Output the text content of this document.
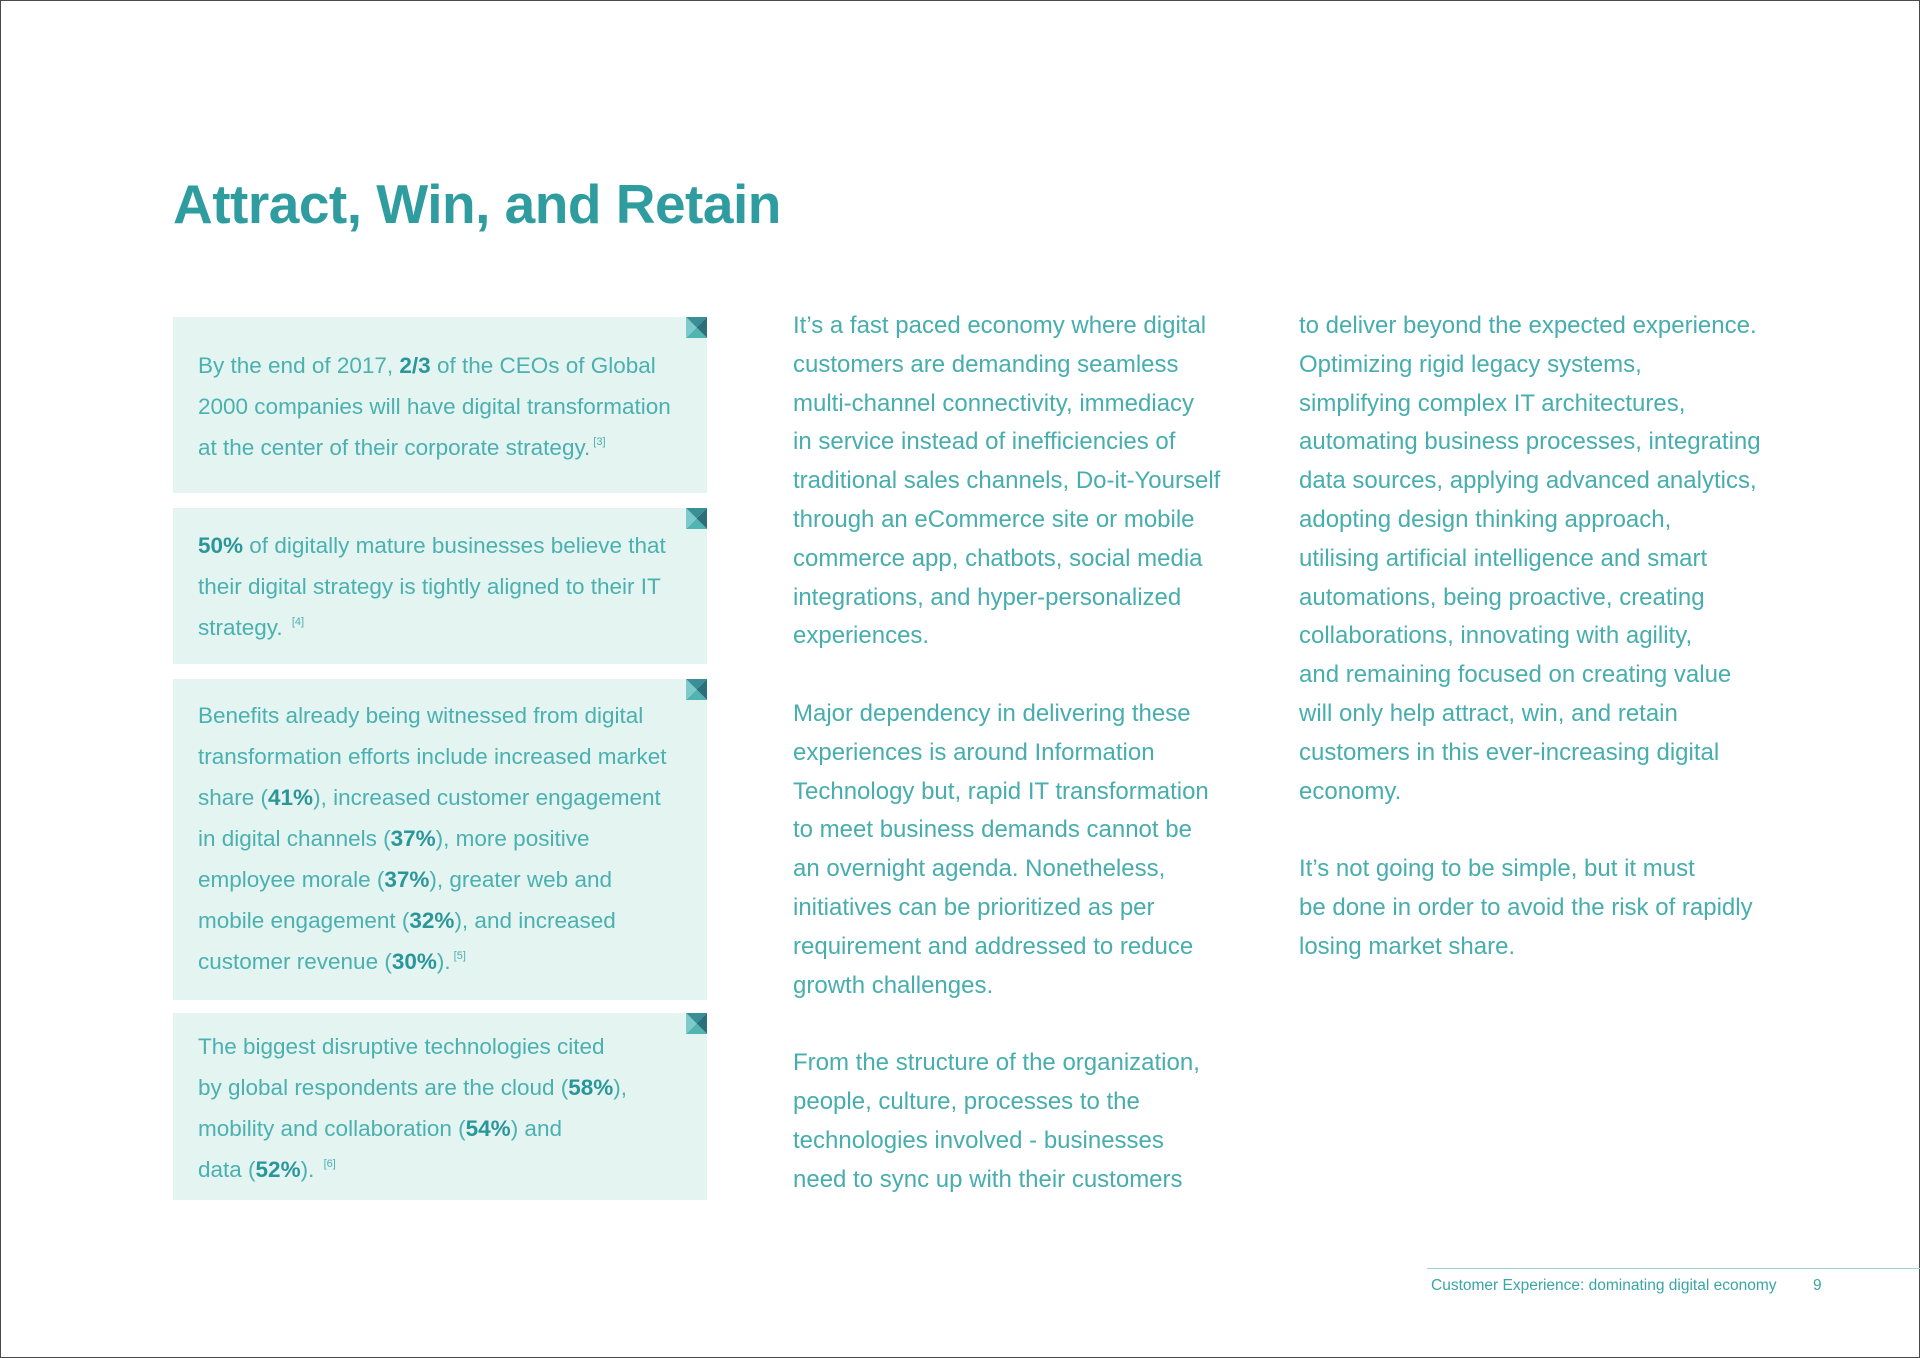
Attract, Win, and Retain

By the end of 2017, 2/3 of the CEOs of Global

2000 companies will have digital transformation

at the center of their corporate strategy. [3]

50% of digitally mature businesses believe that

their digital strategy is tightly aligned to their IT

strategy. [4]

Benefits already being witnessed from digital

transformation efforts include increased market

share (41%), increased customer engagement

in digital channels (37%), more positive

employee morale (37%), greater web and

mobile engagement (32%), and increased

customer revenue (30%). [5]

The biggest disruptive technologies cited

by global respondents are the cloud (58%),

mobility and collaboration (54%) and

data (52%). [6]

It’s a fast paced economy where digital

customers are demanding seamless

multi-channel connectivity, immediacy

in service instead of inefficiencies of

traditional sales channels, Do-it-Yourself

through an eCommerce site or mobile

commerce app, chatbots, social media

integrations, and hyper-personalized

experiences.

Major dependency in delivering these

experiences is around Information

Technology but, rapid IT transformation

to meet business demands cannot be

an overnight agenda. Nonetheless,

initiatives can be prioritized as per

requirement and addressed to reduce

growth challenges.

From the structure of the organization,

people, culture, processes to the

technologies involved - businesses

need to sync up with their customers

to deliver beyond the expected experience.

Optimizing rigid legacy systems,

simplifying complex IT architectures,

automating business processes, integrating

data sources, applying advanced analytics,

adopting design thinking approach,

utilising artificial intelligence and smart

automations, being proactive, creating

collaborations, innovating with agility,

and remaining focused on creating value

will only help attract, win, and retain

customers in this ever-increasing digital

economy.

It’s not going to be simple, but it must

be done in order to avoid the risk of rapidly

losing market share.

Customer Experience: dominating digital economy 9
